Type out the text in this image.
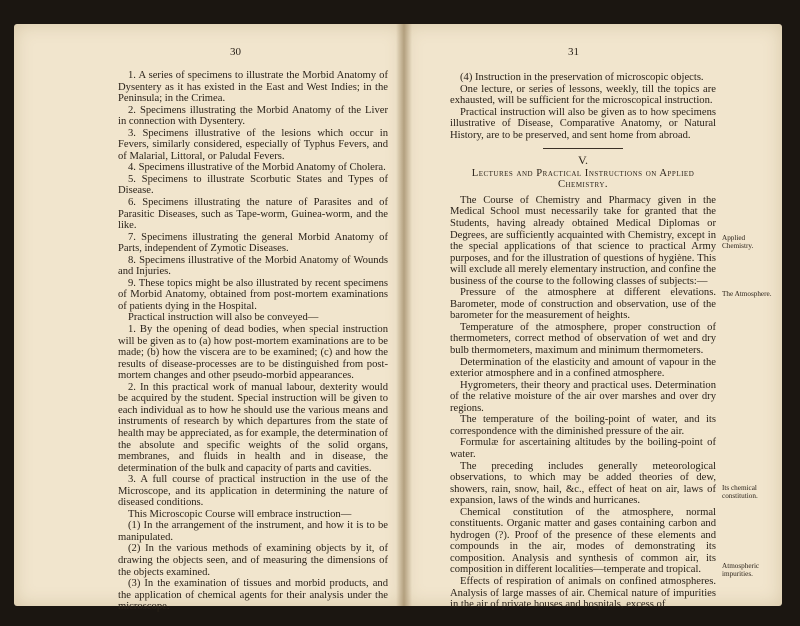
30	31

1. A series of specimens to illustrate the Morbid Anatomy of Dysentery as it has existed in the East and West Indies; in the Peninsula; in the Crimea.

2. Specimens illustrating the Morbid Anatomy of the Liver in connection with Dysentery.

3. Specimens illustrative of the lesions which occur in Fevers, similarly considered, especially of Typhus Fevers, and of Malarial, Littoral, or Paludal Fevers.

4. Specimens illustrative of the Morbid Anatomy of Cholera.

5. Specimens to illustrate Scorbutic States and Types of Disease.

6. Specimens illustrating the nature of Parasites and of Parasitic Diseases, such as Tape-worm, Guinea-worm, and the like.

7. Specimens illustrating the general Morbid Anatomy of Parts, independent of Zymotic Diseases.

8. Specimens illustrative of the Morbid Anatomy of Wounds and Injuries.

9. These topics might be also illustrated by recent specimens of Morbid Anatomy, obtained from post-mortem examinations of patients dying in the Hospital.

Practical instruction will also be conveyed—

1. By the opening of dead bodies, when special instruction will be given as to (a) how post-mortem examinations are to be made; (b) how the viscera are to be examined; (c) and how the results of disease-processes are to be distinguished from post-mortem changes and other pseudo-morbid appearances.

2. In this practical work of manual labour, dexterity would be acquired by the student. Special instruction will be given to each individual as to how he should use the various means and instruments of research by which departures from the state of health may be appreciated, as for example, the determination of the absolute and specific weights of the solid organs, membranes, and fluids in health and in disease, the determination of the bulk and capacity of parts and cavities.

3. A full course of practical instruction in the use of the Microscope, and its application in determining the nature of diseased conditions.

This Microscopic Course will embrace instruction—

(1) In the arrangement of the instrument, and how it is to be manipulated.

(2) In the various methods of examining objects by it, of drawing the objects seen, and of measuring the dimensions of the objects examined.

(3) In the examination of tissues and morbid products, and the application of chemical agents for their analysis under the microscope.

(4) Instruction in the preservation of microscopic objects.

One lecture, or series of lessons, weekly, till the topics are exhausted, will be sufficient for the microscopical instruction.

Practical instruction will also be given as to how specimens illustrative of Disease, Comparative Anatomy, or Natural History, are to be preserved, and sent home from abroad.

V.

Lectures and Practical Instructions on Applied Chemistry.

The Course of Chemistry and Pharmacy given in the Medical School must necessarily take for granted that the Students, having already obtained Medical Diplomas or Degrees, are sufficiently acquainted with Chemistry, except in the special applications of that science to practical Army purposes, and for the illustration of questions of hygiène. This will exclude all merely elementary instruction, and confine the business of the course to the following classes of subjects:—

Pressure of the atmosphere at different elevations. Barometer, mode of construction and observation, use of the barometer for the measurement of heights.

Temperature of the atmosphere, proper construction of thermometers, correct method of observation of wet and dry bulb thermometers, maximum and minimum thermometers.

Determination of the elasticity and amount of vapour in the exterior atmosphere and in a confined atmosphere.

Hygrometers, their theory and practical uses. Determination of the relative moisture of the air over marshes and over dry regions.

The temperature of the boiling-point of water, and its correspondence with the diminished pressure of the air.

Formulæ for ascertaining altitudes by the boiling-point of water.

The preceding includes generally meteorological observations, to which may be added theories of dew, showers, rain, snow, hail, &c., effect of heat on air, laws of expansion, laws of the winds and hurricanes.

Chemical constitution of the atmosphere, normal constituents. Organic matter and gases containing carbon and hydrogen (?). Proof of the presence of these elements and compounds in the air, modes of demonstrating its composition. Analysis and synthesis of common air, its composition in different localities—temperate and tropical.

Effects of respiration of animals on confined atmospheres. Analysis of large masses of air. Chemical nature of impurities in the air of private houses and hospitals, excess of

Applied Chemistry.
The Atmosphere.
Its chemical constitution.
Atmospheric impurities.
